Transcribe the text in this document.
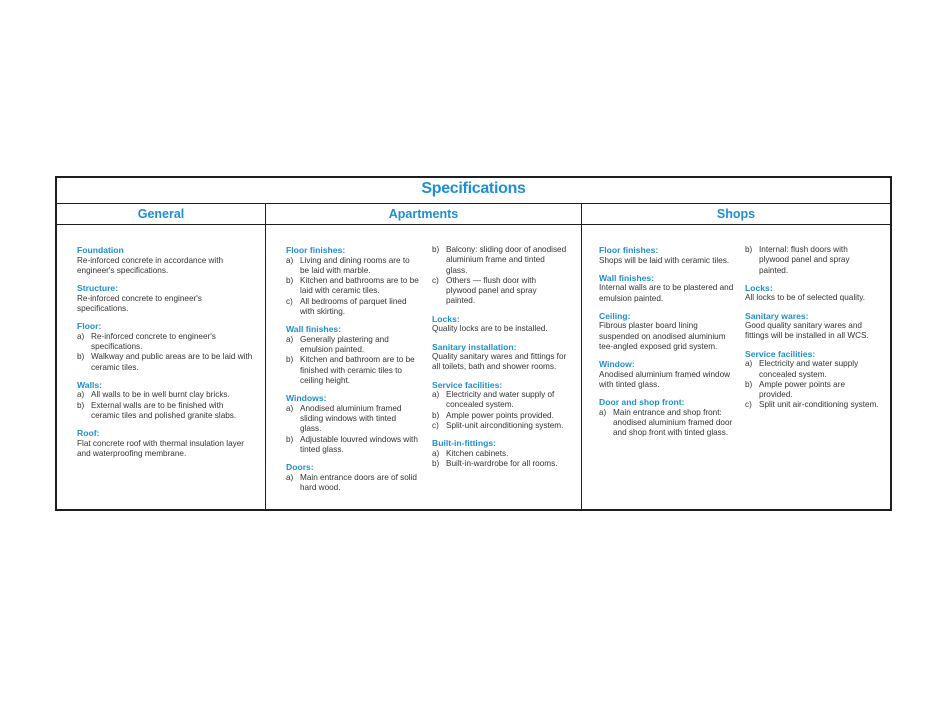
Specifications
General	Apartments	Shops
Foundation
Re-inforced concrete in accordance with engineer's specifications.
Structure:
Re-inforced concrete to engineer's specifications.
Floor:
a) Re-inforced concrete to engineer's specifications.
b) Walkway and public areas are to be laid with ceramic tiles.
Walls:
a) All walls to be in well burnt clay bricks.
b) External walls are to be finished with ceramic tiles and polished granite slabs.
Roof:
Flat concrete roof with thermal insulation layer and waterproofing membrane.
Floor finishes:
a) Living and dining rooms are to be laid with marble.
b) Kitchen and bathrooms are to be laid with ceramic tiles.
c) All bedrooms of parquet lined with skirting.
Wall finishes:
a) Generally plastering and emulsion painted.
b) Kitchen and bathroom are to be finished with ceramic tiles to ceiling height.
Windows:
a) Anodised aluminium framed sliding windows with tinted glass.
b) Adjustable louvred windows with tinted glass.
Doors:
a) Main entrance doors are of solid hard wood.
b) Balcony: sliding door of anodised aluminium frame and tinted glass.
c) Others — flush door with plywood panel and spray painted.
Locks:
Quality locks are to be installed.
Sanitary installation:
Quality sanitary wares and fittings for all toilets, bath and shower rooms.
Service facilities:
a) Electricity and water supply of concealed system.
b) Ample power points provided.
c) Split-unit airconditioning system.
Built-in-fittings:
a) Kitchen cabinets.
b) Built-in-wardrobe for all rooms.
Floor finishes:
Shops will be laid with ceramic tiles.
Wall finishes:
Internal walls are to be plastered and emulsion painted.
Ceiling:
Fibrous plaster board lining suspended on anodised aluminium tee-angled exposed grid system.
Window:
Anodised aluminium framed window with tinted glass.
Door and shop front:
a) Main entrance and shop front: anodised aluminium framed door and shop front with tinted glass.
b) Internal: flush doors with plywood panel and spray painted.
Locks:
All locks to be of selected quality.
Sanitary wares:
Good quality sanitary wares and fittings will be installed in all WCS.
Service facilities:
a) Electricity and water supply concealed system.
b) Ample power points are provided.
c) Split unit air-conditioning system.
